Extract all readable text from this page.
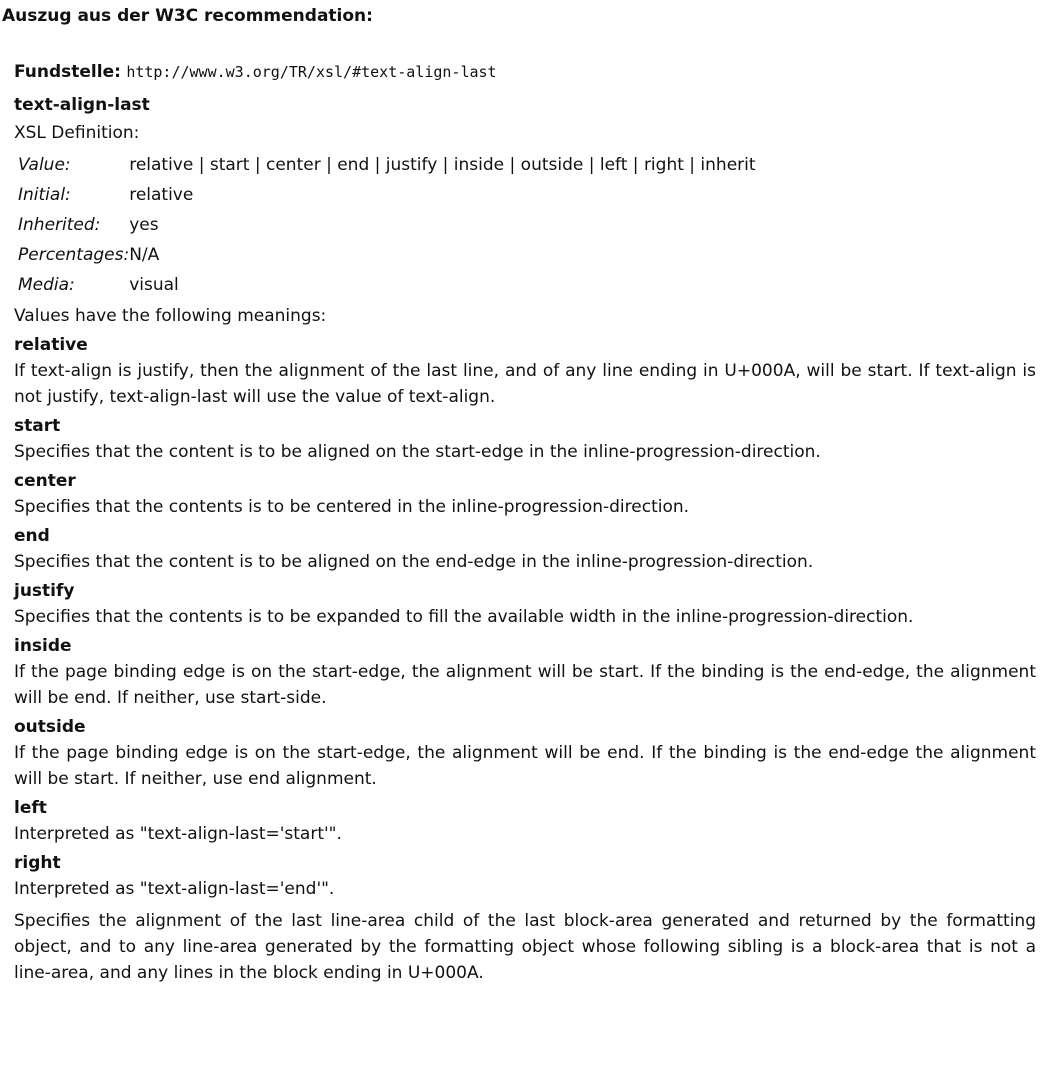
Auszug aus der W3C recommendation:

Fundstelle: http://www.w3.org/TR/xsl/#text-align-last

text-align-last

XSL Definition:

Value:	relative | start | center | end | justify | inside | outside | left | right | inherit
Initial:	relative
Inherited:	yes
Percentages:	N/A
Media:	visual

Values have the following meanings:

relative

If text-align is justify, then the alignment of the last line, and of any line ending in U+000A, will be start. If text-align is not justify, text-align-last will use the value of text-align.

start

Specifies that the content is to be aligned on the start-edge in the inline-progression-direction.

center

Specifies that the contents is to be centered in the inline-progression-direction.

end

Specifies that the content is to be aligned on the end-edge in the inline-progression-direction.

justify

Specifies that the contents is to be expanded to fill the available width in the inline-progression-direction.

inside

If the page binding edge is on the start-edge, the alignment will be start. If the binding is the end-edge, the alignment will be end. If neither, use start-side.

outside

If the page binding edge is on the start-edge, the alignment will be end. If the binding is the end-edge the alignment will be start. If neither, use end alignment.

left

Interpreted as "text-align-last='start'".

right

Interpreted as "text-align-last='end'".

Specifies the alignment of the last line-area child of the last block-area generated and returned by the formatting object, and to any line-area generated by the formatting object whose following sibling is a block-area that is not a line-area, and any lines in the block ending in U+000A.
